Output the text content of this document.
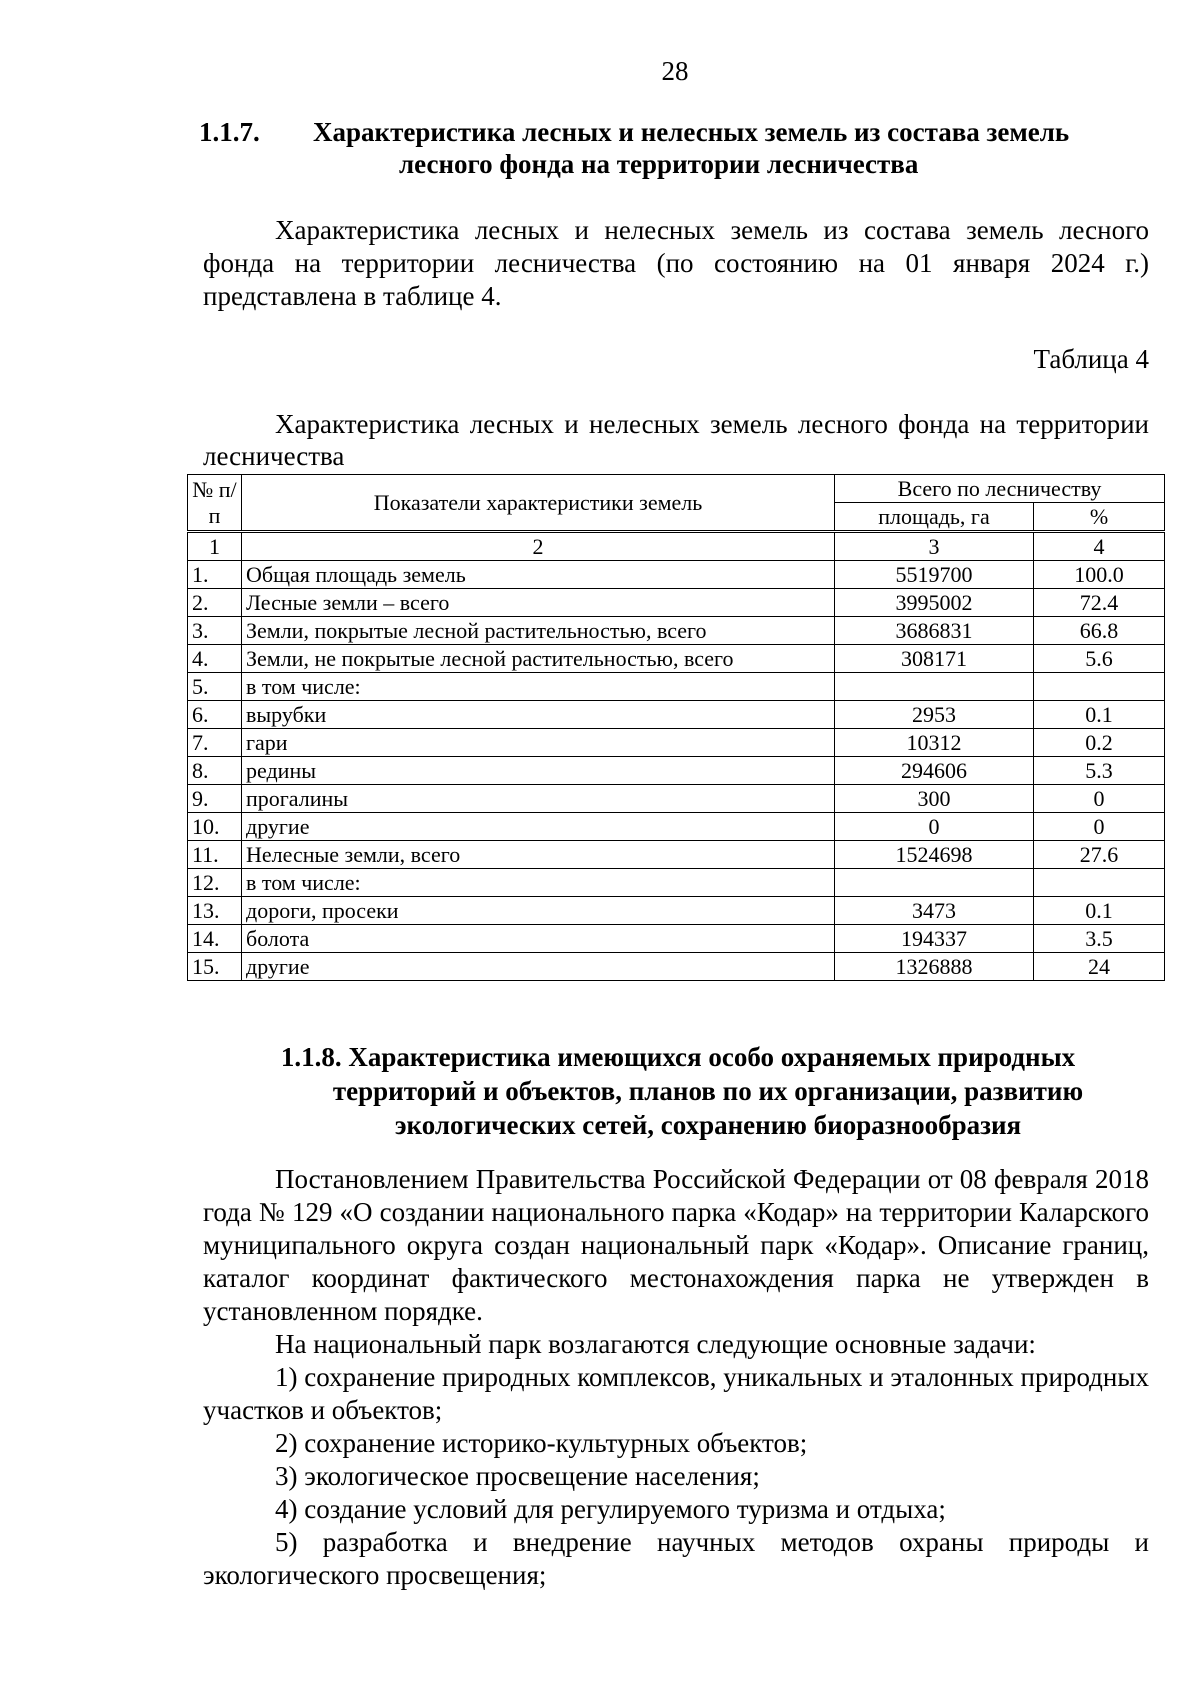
28
1.1.7. Характеристика лесных и нелесных земель из состава земель
лесного фонда на территории лесничества
Характеристика лесных и нелесных земель из состава земель лесного фонда на территории лесничества (по состоянию на 01 января 2024 г.) представлена в таблице 4.
Таблица 4
Характеристика лесных и нелесных земель лесного фонда на территории лесничества
№ п/п	Показатели характеристики земель	Всего по лесничеству	
		площадь, га	%
1	2	3	4
1.	Общая площадь земель	5519700	100.0
2.	Лесные земли – всего	3995002	72.4
3.	Земли, покрытые лесной растительностью, всего	3686831	66.8
4.	Земли, не покрытые лесной растительностью, всего	308171	5.6
5.	в том числе:		
6.	вырубки	2953	0.1
7.	гари	10312	0.2
8.	редины	294606	5.3
9.	прогалины	300	0
10.	другие	0	0
11.	Нелесные земли, всего	1524698	27.6
12.	в том числе:		
13.	дороги, просеки	3473	0.1
14.	болота	194337	3.5
15.	другие	1326888	24
1.1.8. Характеристика имеющихся особо охраняемых природных
территорий и объектов, планов по их организации, развитию
экологических сетей, сохранению биоразнообразия
Постановлением Правительства Российской Федерации от 08 февраля 2018 года № 129 «О создании национального парка «Кодар» на территории Каларского муниципального округа создан национальный парк «Кодар». Описание границ, каталог координат фактического местонахождения парка не утвержден в установленном порядке.
На национальный парк возлагаются следующие основные задачи:
1) сохранение природных комплексов, уникальных и эталонных природных участков и объектов;
2) сохранение историко-культурных объектов;
3) экологическое просвещение населения;
4) создание условий для регулируемого туризма и отдыха;
5) разработка и внедрение научных методов охраны природы и экологического просвещения;
